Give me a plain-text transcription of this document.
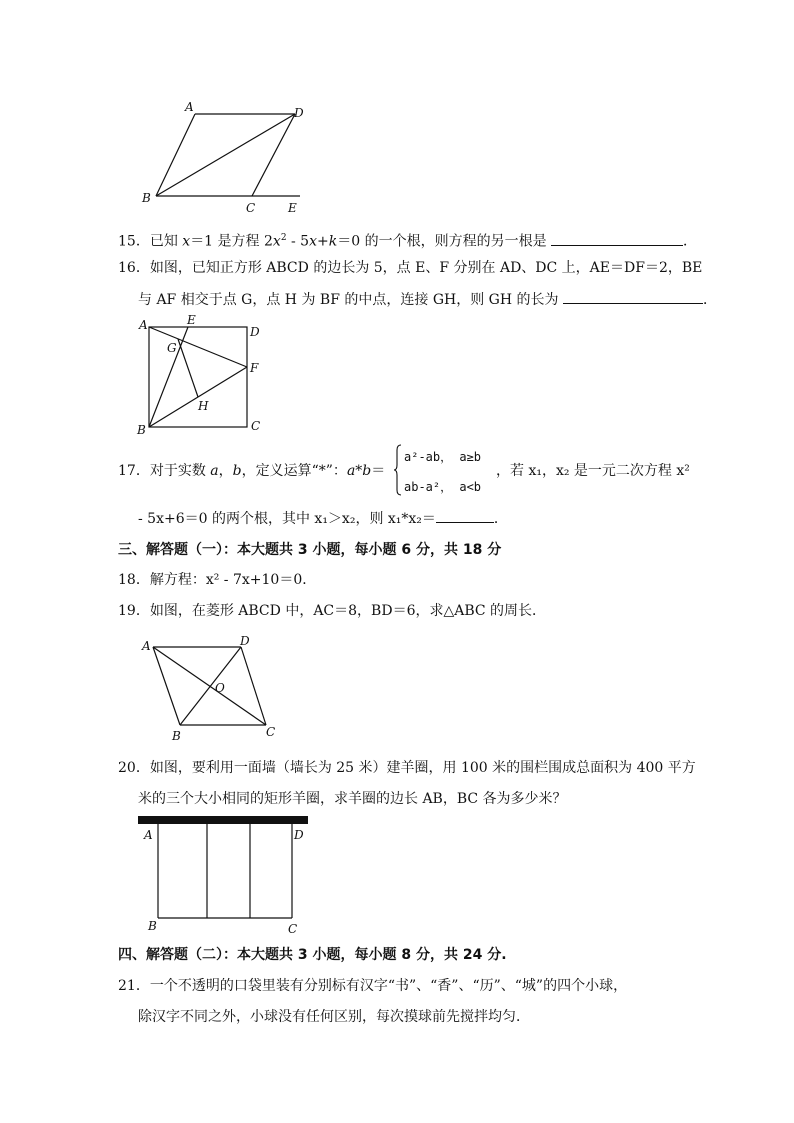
A	D
B
C	E
15．已知 x＝1 是方程 $2x^2 - 5x+k=0$ 的一个根，则方程的另一根是	．
16．如图，已知正方形 ABCD 的边长为 5，点 E、F 分别在 AD、DC 上，AE＝DF＝2，BE
与 AF 相交于点 G，点 H 为 BF 的中点，连接 GH，则 GH 的长为	．
A	E
D
G
F
H
B	C
17．对于实数 a，b，定义运算“*”：a*b＝
a²-ab， a≥b
ab-a²， a<b
，若 x₁，x₂ 是一元二次方程 x²
- 5x+6＝0 的两个根，其中 x₁＞x₂，则 x₁*x₂＝	．
三、解答题（一）：本大题共 3 小题，每小题 6 分，共 18 分
18．解方程：x² - 7x+10＝0．
19．如图，在菱形 ABCD 中，AC＝8，BD＝6，求△ABC 的周长．
A	D
O
B	C
20．如图，要利用一面墙（墙长为 25 米）建羊圈，用 100 米的围栏围成总面积为 400 平方
米的三个大小相同的矩形羊圈，求羊圈的边长 AB，BC 各为多少米？
A	D
B	C
四、解答题（二）：本大题共 3 小题，每小题 8 分，共 24 分.
21．一个不透明的口袋里装有分别标有汉字“书”、“香”、“历”、“城”的四个小球，
除汉字不同之外，小球没有任何区别，每次摸球前先搅拌均匀．
